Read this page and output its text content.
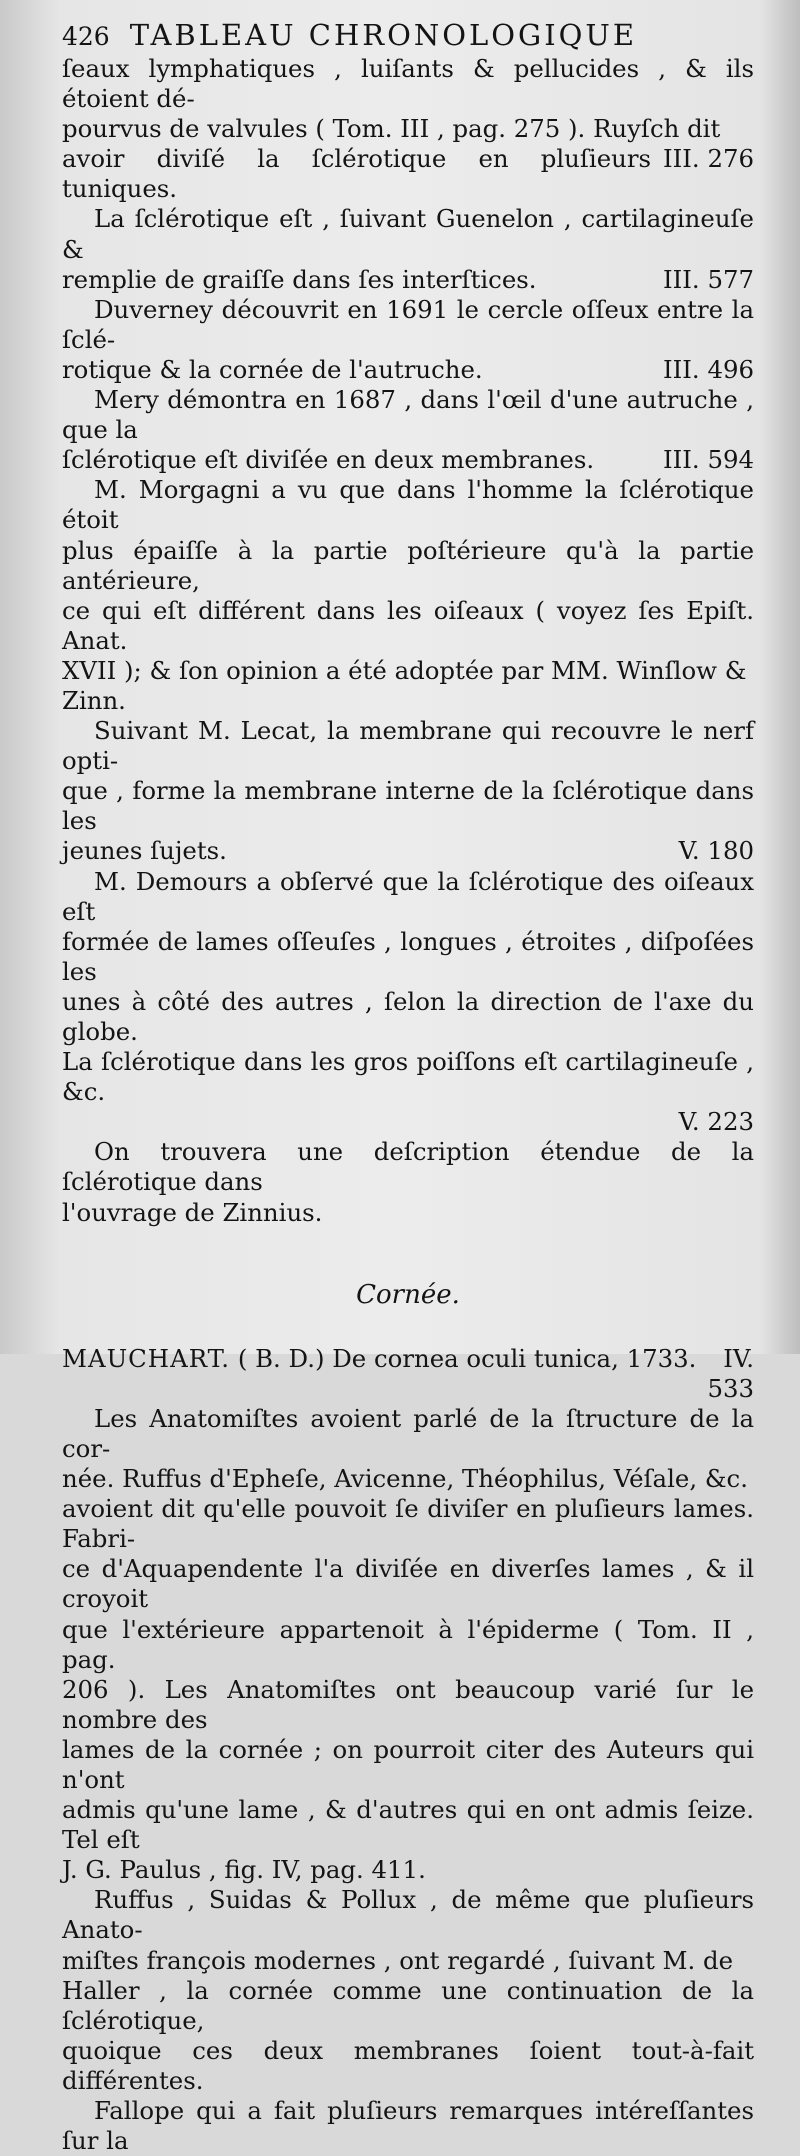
426 TABLEAU CHRONOLOGIQUE

ſeaux lymphatiques , luiſants & pellucides , & ils étoient dé-

pourvus de valvules ( Tom. III , pag. 275 ). Ruyſch dit

III. 276
avoir diviſé la ſclérotique en pluſieurs tuniques.

La ſclérotique eſt , ſuivant Guenelon , cartilagineuſe &

III. 577
remplie de graiſſe dans ſes interſtices.

Duverney découvrit en 1691 le cercle oſſeux entre la ſclé-

III. 496
rotique & la cornée de l'autruche.

Mery démontra en 1687 , dans l'œil d'une autruche , que la

III. 594
ſclérotique eſt diviſée en deux membranes.

M. Morgagni a vu que dans l'homme la ſclérotique étoit

plus épaiſſe à la partie poſtérieure qu'à la partie antérieure,

ce qui eſt différent dans les oiſeaux ( voyez ſes Epiſt. Anat.

XVII ); & ſon opinion a été adoptée par MM. Winſlow &

Zinn.

Suivant M. Lecat, la membrane qui recouvre le nerf opti-

que , forme la membrane interne de la ſclérotique dans les

V. 180
jeunes ſujets.

M. Demours a obſervé que la ſclérotique des oiſeaux eſt

formée de lames oſſeuſes , longues , étroites , diſpoſées les

unes à côté des autres , ſelon la direction de l'axe du globe.

La ſclérotique dans les gros poiſſons eſt cartilagineuſe , &c.

V. 223

On trouvera une deſcription étendue de la ſclérotique dans

l'ouvrage de Zinnius.

Cornée.

IV.
MAUCHART. ( B. D.) De cornea oculi tunica, 1733.

533

Les Anatomiſtes avoient parlé de la ſtructure de la cor-

née. Ruffus d'Epheſe, Avicenne, Théophilus, Véſale, &c.

avoient dit qu'elle pouvoit ſe diviſer en pluſieurs lames. Fabri-

ce d'Aquapendente l'a diviſée en diverſes lames , & il croyoit

que l'extérieure appartenoit à l'épiderme ( Tom. II , pag.

206 ). Les Anatomiſtes ont beaucoup varié ſur le nombre des

lames de la cornée ; on pourroit citer des Auteurs qui n'ont

admis qu'une lame , & d'autres qui en ont admis ſeize. Tel eſt

J. G. Paulus , fig. IV, pag. 411.

Ruffus , Suidas & Pollux , de même que pluſieurs Anato-

miſtes françois modernes , ont regardé , ſuivant M. de

Haller , la cornée comme une continuation de la ſclérotique,

quoique ces deux membranes ſoient tout-à-fait différentes.

Fallope qui a fait pluſieurs remarques intéreſſantes ſur la
